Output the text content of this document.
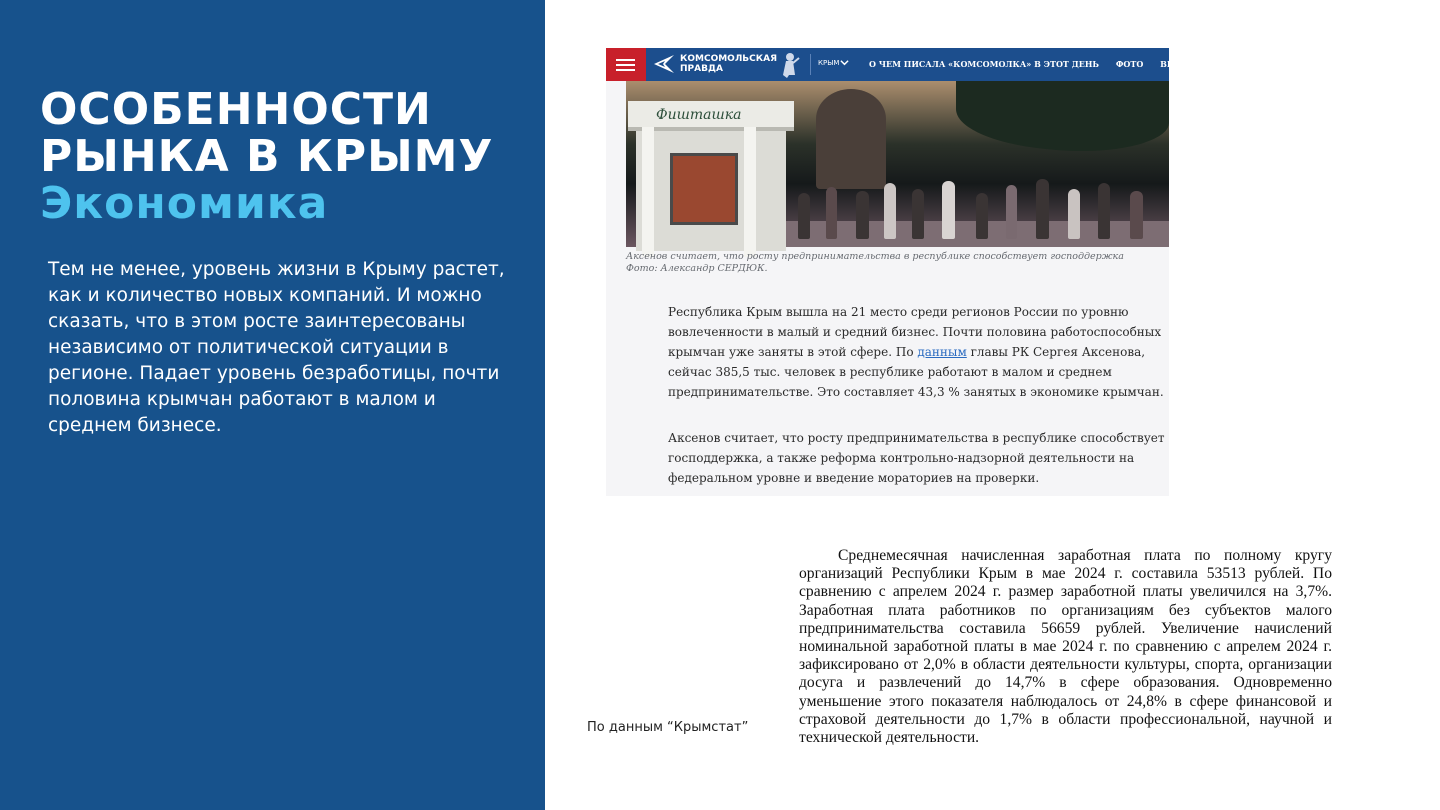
ОСОБЕННОСТИ
РЫНКА В КРЫМУ
Экономика

Тем не менее, уровень жизни в Крыму растет, как и количество новых компаний. И можно сказать, что в этом росте заинтересованы независимо от политической ситуации в регионе. Падает уровень безработицы, почти половина крымчан работают в малом и среднем бизнесе.

КОМСОМОЛЬСКАЯ
ПРАВДА
КРЫМ	О ЧЕМ ПИСАЛА «КОМСОМОЛКА» В ЭТОТ ДЕНЬ ФОТО ВИДЕО СПЕЦ
Фишташка

Аксенов считает, что росту предпринимательства в республике способствует господдержка
Фото: Александр СЕРДЮК.

Республика Крым вышла на 21 место среди регионов России по уровню вовлеченности в малый и средний бизнес. Почти половина работоспособных крымчан уже заняты в этой сфере. По данным главы РК Сергея Аксенова, сейчас 385,5 тыс. человек в республике работают в малом и среднем предпринимательстве. Это составляет 43,3 % занятых в экономике крымчан.

Аксенов считает, что росту предпринимательства в республике способствует господдержка, а также реформа контрольно-надзорной деятельности на федеральном уровне и введение мораториев на проверки.

Среднемесячная начисленная заработная плата по полному кругу организаций Республики Крым в мае 2024 г. составила 53513 рублей. По сравнению с апрелем 2024 г. размер заработной платы увеличился на 3,7%. Заработная плата работников по организациям без субъектов малого предпринимательства составила 56659 рублей. Увеличение начислений номинальной заработной платы в мае 2024 г. по сравнению с апрелем 2024 г. зафиксировано от 2,0% в области деятельности культуры, спорта, организации досуга и развлечений до 14,7% в сфере образования. Одновременно уменьшение этого показателя наблюдалось от 24,8% в сфере финансовой и страховой деятельности до 1,7% в области профессиональной, научной и технической деятельности.

По данным “Крымстат”
